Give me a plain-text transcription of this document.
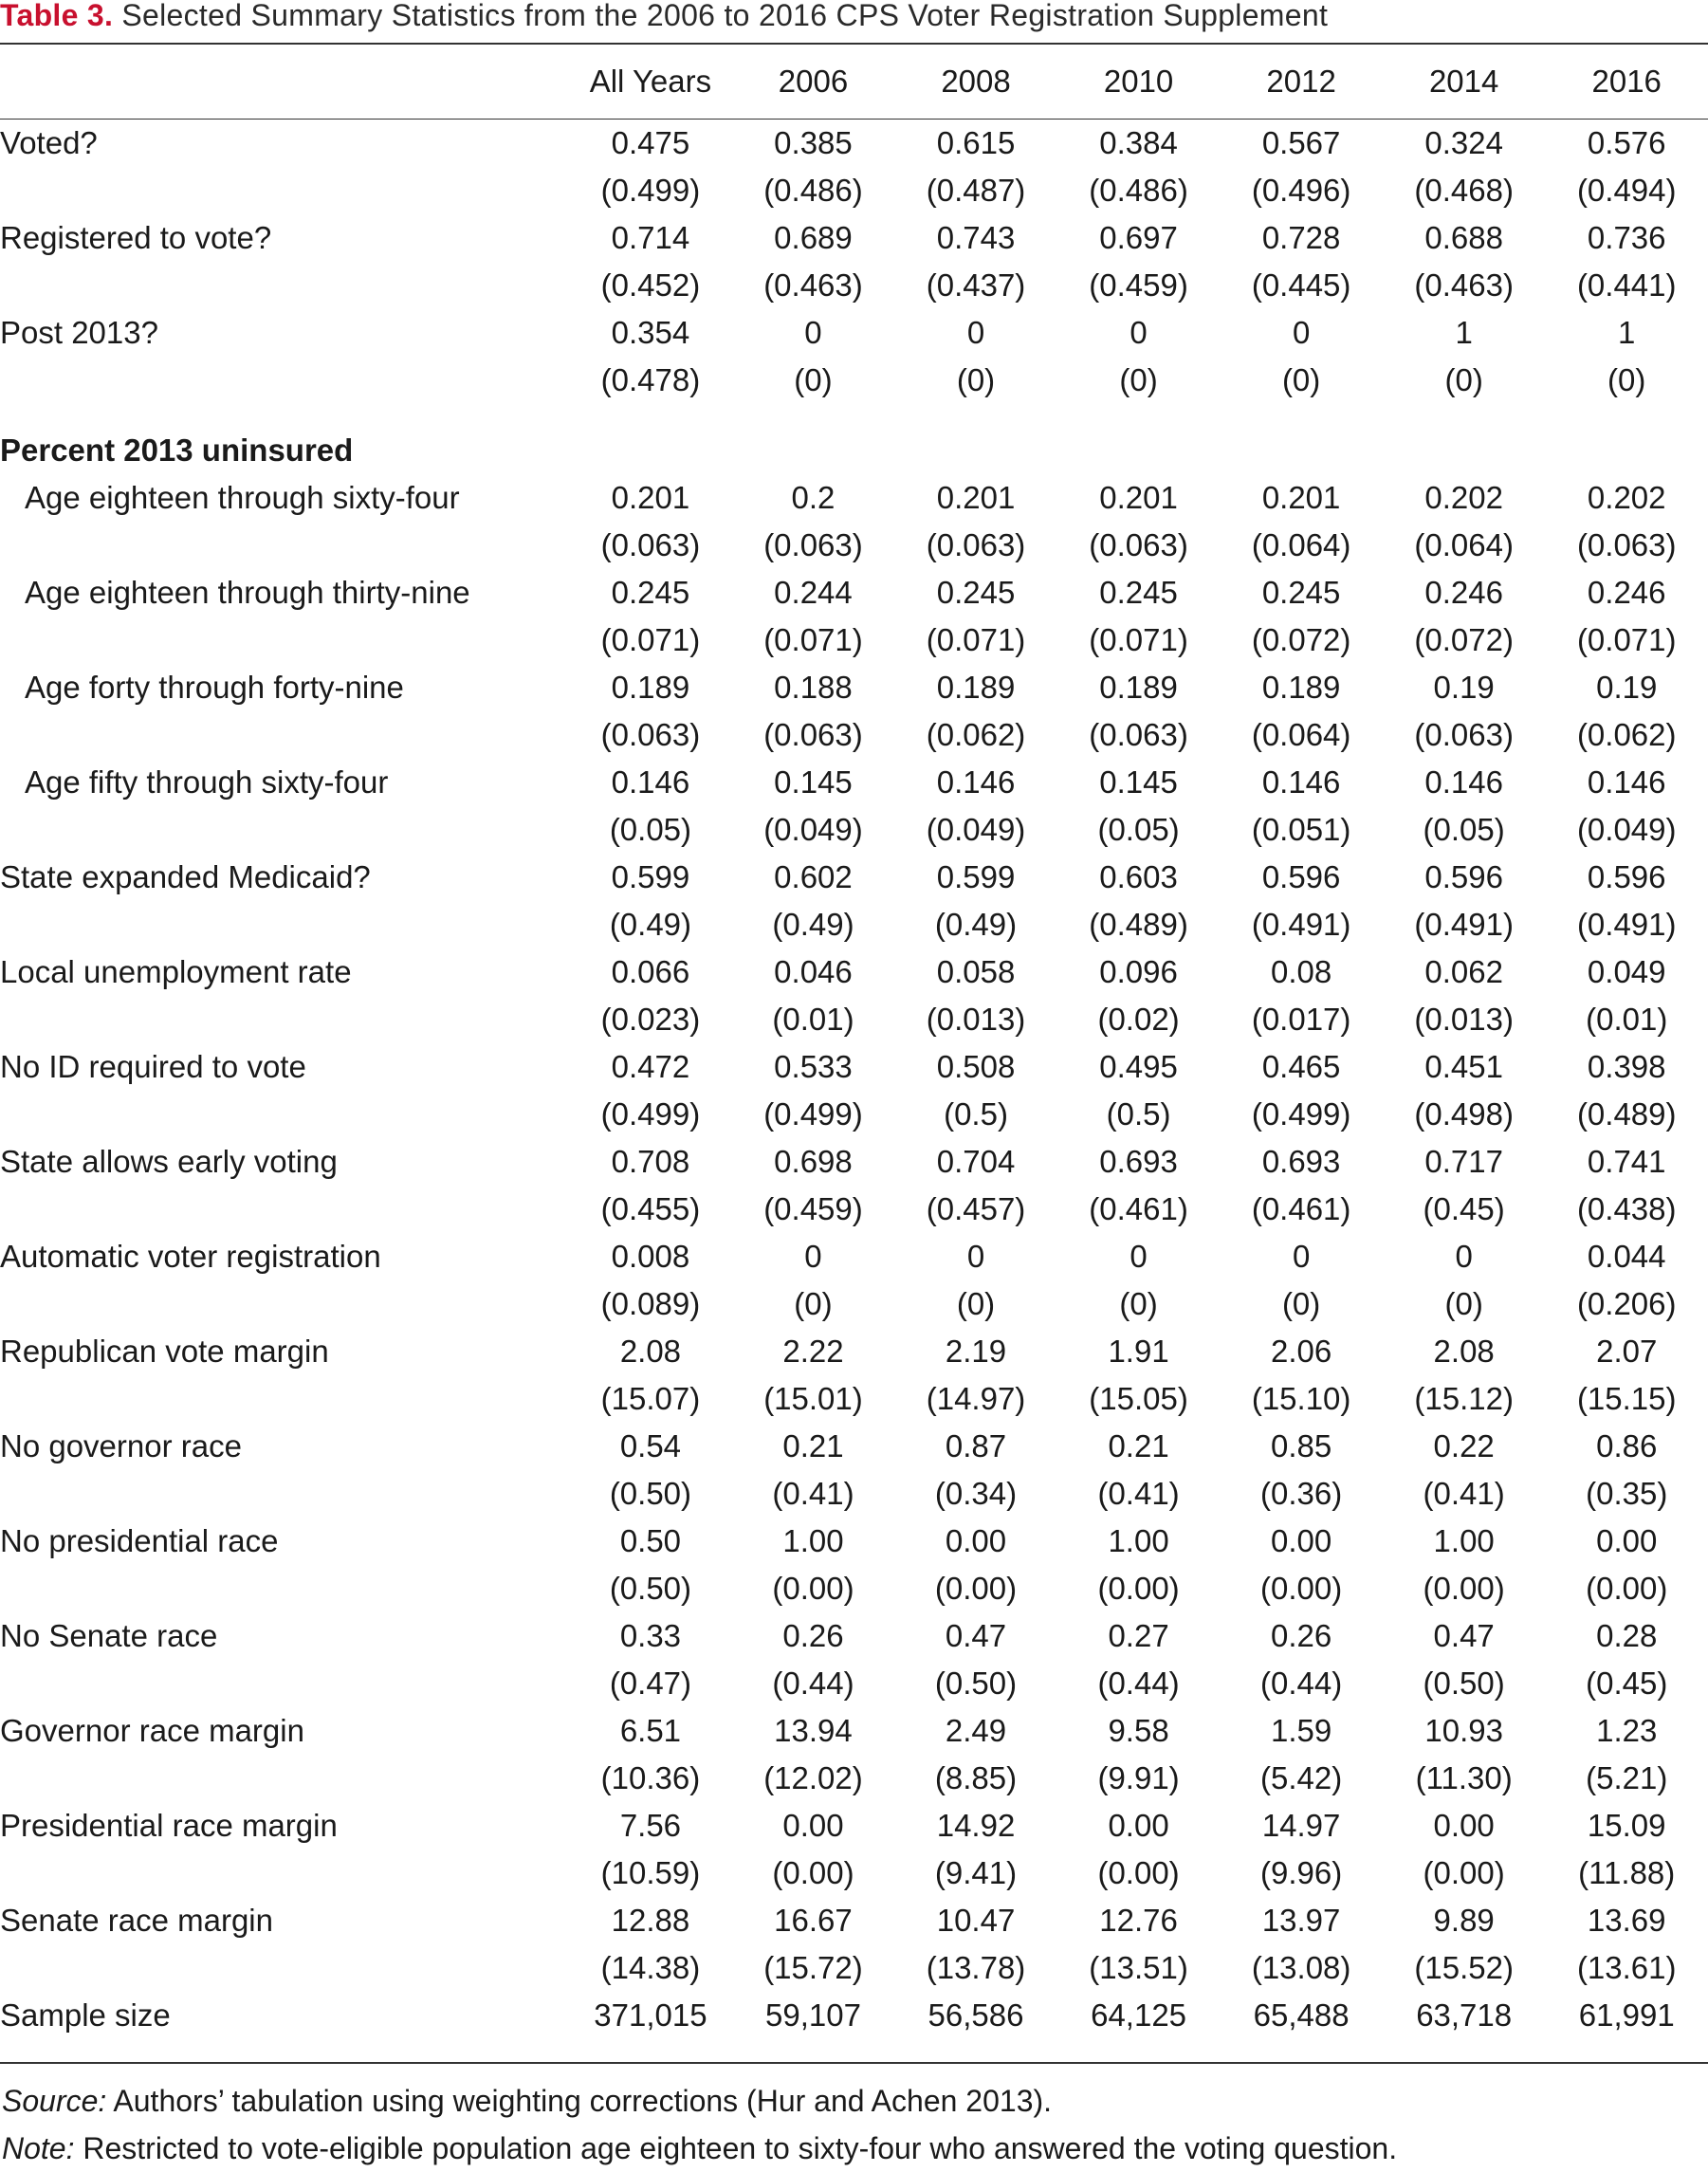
Table 3. Selected Summary Statistics from the 2006 to 2016 CPS Voter Registration Supplement
	All Years	2006	2008	2010	2012	2014	2016
Voted?	0.475	0.385	0.615	0.384	0.567	0.324	0.576
	(0.499)	(0.486)	(0.487)	(0.486)	(0.496)	(0.468)	(0.494)
Registered to vote?	0.714	0.689	0.743	0.697	0.728	0.688	0.736
	(0.452)	(0.463)	(0.437)	(0.459)	(0.445)	(0.463)	(0.441)
Post 2013?	0.354	0	0	0	0	1	1
	(0.478)	(0)	(0)	(0)	(0)	(0)	(0)

Percent 2013 uninsured							
Age eighteen through sixty-four	0.201	0.2	0.201	0.201	0.201	0.202	0.202
	(0.063)	(0.063)	(0.063)	(0.063)	(0.064)	(0.064)	(0.063)
Age eighteen through thirty-nine	0.245	0.244	0.245	0.245	0.245	0.246	0.246
	(0.071)	(0.071)	(0.071)	(0.071)	(0.072)	(0.072)	(0.071)
Age forty through forty-nine	0.189	0.188	0.189	0.189	0.189	0.19	0.19
	(0.063)	(0.063)	(0.062)	(0.063)	(0.064)	(0.063)	(0.062)
Age fifty through sixty-four	0.146	0.145	0.146	0.145	0.146	0.146	0.146
	(0.05)	(0.049)	(0.049)	(0.05)	(0.051)	(0.05)	(0.049)
State expanded Medicaid?	0.599	0.602	0.599	0.603	0.596	0.596	0.596
	(0.49)	(0.49)	(0.49)	(0.489)	(0.491)	(0.491)	(0.491)
Local unemployment rate	0.066	0.046	0.058	0.096	0.08	0.062	0.049
	(0.023)	(0.01)	(0.013)	(0.02)	(0.017)	(0.013)	(0.01)
No ID required to vote	0.472	0.533	0.508	0.495	0.465	0.451	0.398
	(0.499)	(0.499)	(0.5)	(0.5)	(0.499)	(0.498)	(0.489)
State allows early voting	0.708	0.698	0.704	0.693	0.693	0.717	0.741
	(0.455)	(0.459)	(0.457)	(0.461)	(0.461)	(0.45)	(0.438)
Automatic voter registration	0.008	0	0	0	0	0	0.044
	(0.089)	(0)	(0)	(0)	(0)	(0)	(0.206)
Republican vote margin	2.08	2.22	2.19	1.91	2.06	2.08	2.07
	(15.07)	(15.01)	(14.97)	(15.05)	(15.10)	(15.12)	(15.15)
No governor race	0.54	0.21	0.87	0.21	0.85	0.22	0.86
	(0.50)	(0.41)	(0.34)	(0.41)	(0.36)	(0.41)	(0.35)
No presidential race	0.50	1.00	0.00	1.00	0.00	1.00	0.00
	(0.50)	(0.00)	(0.00)	(0.00)	(0.00)	(0.00)	(0.00)
No Senate race	0.33	0.26	0.47	0.27	0.26	0.47	0.28
	(0.47)	(0.44)	(0.50)	(0.44)	(0.44)	(0.50)	(0.45)
Governor race margin	6.51	13.94	2.49	9.58	1.59	10.93	1.23
	(10.36)	(12.02)	(8.85)	(9.91)	(5.42)	(11.30)	(5.21)
Presidential race margin	7.56	0.00	14.92	0.00	14.97	0.00	15.09
	(10.59)	(0.00)	(9.41)	(0.00)	(9.96)	(0.00)	(11.88)
Senate race margin	12.88	16.67	10.47	12.76	13.97	9.89	13.69
	(14.38)	(15.72)	(13.78)	(13.51)	(13.08)	(15.52)	(13.61)
Sample size	371,015	59,107	56,586	64,125	65,488	63,718	61,991
Source: Authors’ tabulation using weighting corrections (Hur and Achen 2013).
Note: Restricted to vote-eligible population age eighteen to sixty-four who answered the voting question.
